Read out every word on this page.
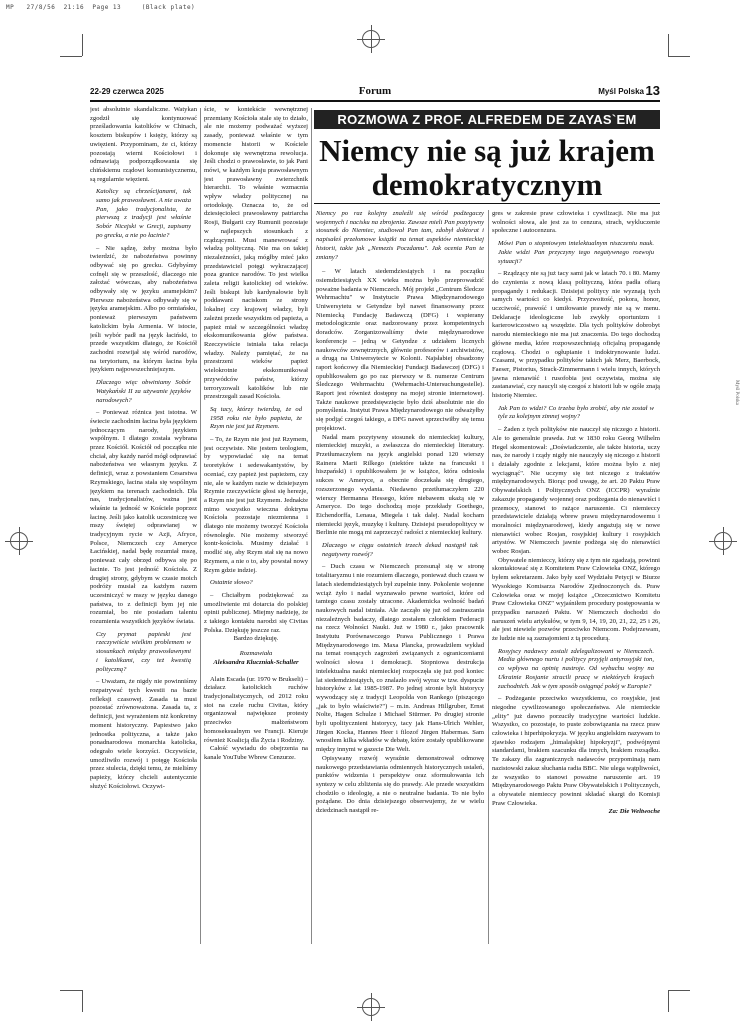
MP   27/8/56  21:16  Page 13     (Black plate)
Myśl Polska
22-29 czerwca 2025	Forum	Myśl Polska 13

jest absolutnie skandaliczne. Watykan zgodził się kontynuować prześladowania katolików w Chinach, kosztem biskupów i księży, którzy są uwięzieni. Przypominam, że ci, którzy pozostają wierni Kościołowi i odmawiają podporządkowania się chińskiemu rządowi komunistycznemu, są regularnie więzieni.

Katolicy są chrześcijanami, tak samo jak prawosławni. A nie uważa Pan, jako tradycjonalista, że pierwszą z tradycji jest właśnie Sobór Nicejski w Grecji, zapisany po grecku, a nie po łacinie?

– Nie sądzę, żeby można było twierdzić, że nabożeństwa powinny odbywać się po grecku. Gdybyśmy cofnęli się w przeszłość, dlaczego nie założać wówczas, aby nabożeństwa odbywały się w języku aramejskim? Pierwsze nabożeństwa odbywały się w języku aramejskim. Albo po ormiańsku, ponieważ pierwszym państwem katolickim była Armenia. W istocie, jeśli wybór padł na język łaciński, to przede wszystkim dlatego, że Kościół zachodni rozwijał się wśród narodów, na terytorium, na którym łacina była językiem najpowszechniejszym.

Dlaczego więc obwiniamy Sobór Watykański II za używanie języków narodowych?

– Ponieważ różnica jest istotna. W świecie zachodnim łacina była językiem jednoczącym narody, językiem wspólnym. I dlatego została wybrana przez Kościół. Kościół od początku nie chciał, aby każdy naród mógł odprawiać nabożeństwa we własnym języku. Z definicji, wraz z powstaniem Cesarstwa Rzymskiego, łacina stała się wspólnym językiem na terenach zachodnich. Dla nas, tradycjonalistów, ważna jest właśnie ta jedność w Kościele poprzez łacinę. Jeśli jako katolik uczestniczę we mszy świętej odprawianej w tradycyjnym rycie w Azji, Afryce, Polsce, Niemczech czy Ameryce Łacińskiej, nadal będę rozumiał mszę, ponieważ cały obrzęd odbywa się po łacinie. To jest jedność Kościoła. Z drugiej strony, gdybym w czasie moich podróży musiał za każdym razem uczestniczyć w mszy w języku danego państwa, to z definicji bym jej nie rozumiał, bo nie posiadam talentu rozumienia wszystkich języków świata.

Czy prymat papieski jest rzeczywiście wielkim problemem w stosunkach między prawosławnymi i katolikami, czy też kwestią polityczną?

– Uważam, że nigdy nie powinniśmy rozpatrywać tych kwestii na bazie refleksji czasowej. Zasada ta musi pozostać zrównoważona. Zasada ta, z definicji, jest wyrażeniem niż konkretny moment historyczny. Papiestwo jako jednostka polityczna, a także jako ponadnarodowa monarchia katolicka, odegrało wiele korzyści. Oczywiście, umożliwiło rozwój i potęgę Kościoła przez stulecia, dzięki temu, że mieliśmy papieży, którzy chcieli autentycznie służyć Kościołowi. Oczywi-

ście, w kontekście wewnętrznej przemiany Kościoła stale się to działo, ale nie możemy podważać wyższej zasady, ponieważ właśnie w tym momencie historii w Kościele dokonuje się wewnętrzna rewolucja. Jeśli chodzi o prawosławie, to jak Pani mówi, w każdym kraju prawosławnym jest prawosławny zwierzchnik hierarchii. To właśnie wzmacnia wpływ władzy politycznej na ortodoksję. Oznacza to, że od dziesięcioleci prawosławny patriarcha Rosji, Bułgarii czy Rumunii pozostaje w najlepszych stosunkach z rządzącymi. Musi manewrować z władzą polityczną. Nie ma on takiej niezależności, jaką mógłby mieć jako przedstawiciel potęgi wykraczającej poza granice narodów. To jest wielka zaleta religii katolickiej od wieków. Jeśli biskupi lub kardynałowie byli poddawani naciskom ze strony lokalnej czy krajowej władzy, byli zależni przede wszystkim od papieża, a papież miał w szczególności władzę ekskomunikowania głów państwa. Rzeczywiście istniała taka relacja władzy. Należy pamiętać, że na przestrzeni wieków papież wielokrotnie ekskomunikował przywódców państw, którzy terroryzowali katolików lub nie przestrzegali zasad Kościoła.

Są tacy, którzy twierdzą, że od 1958 roku nie było papieża, że Rzym nie jest już Rzymem.

– To, że Rzym nie jest już Rzymem, jest oczywiste. Nie jestem teologiem, by wypowiadać się na temat teoretyków i sedewakantystów, by oceniać, czy papież jest papieżem, czy nie, ale w każdym razie w dzisiejszym Rzymie rzeczywiście głosi się herezje, a Rzym nie jest już Rzymem. Jednakże mimo wszystko wieczna doktryna Kościoła pozostaje niezmienna i dlatego nie możemy tworzyć Kościoła równoległe. Nie możemy stworzyć kontr-kościoła. Musimy działać i modlić się, aby Rzym stał się na nowo Rzymem, a nie o to, aby powstał nowy Rzym gdzie indziej.

Ostatnie słowo?

– Chciałbym podziękować za umożliwienie mi dotarcia do polskiej opinii publicznej. Miejmy nadzieję, że z takiego kontaktu narodzi się Civitas Polska. Dziękuję jeszcze raz.

Bardzo dziękuję.

Rozmawiała

Aleksandra Kluczniak-Schaller

Alain Escada (ur. 1970 w Brukseli) – działacz katolickich ruchów tradycjonalistycznych, od 2012 roku stoi na czele ruchu Civitas, który organizował największe protesty przeciwko małżeństwom homoseksualnym we Francji. Kieruje również Koalicją dla Życia i Rodziny.

Całość wywiadu do obejrzenia na kanale YouTube Wbrew Cenzurze.

ROZMOWA Z PROF. ALFREDEM DE ZAYAS`EM
Niemcy nie są już krajem demokratycznym

Niemcy po raz kolejny znaleźli się wśród podżegaczy wojennych i nacisku na zbrojenia. Zawsze mieli Pan pozytywny stosunek do Niemiec, studiował Pan tam, zdobył doktorat i napisałeś przełomowe książki na temat aspektów niemieckiej historii, takie jak „Nemezis Poczdamu". Jak ocenia Pan te zmiany?

– W latach siedemdziesiątych i na początku osiemdziesiątych XX wieku można było przeprowadzić poważne badania w Niemczech. Mój projekt „Centrum Śledcze Wehrmachtu" w Instytucie Prawa Międzynarodowego Uniwersytetu w Getyndze był nawet finansowany przez Niemiecką Fundację Badawczą (DFG) i wspierany metodologicznie oraz nadzorowany przez kompetentnych doradców. Zorganizowaliśmy dwie międzynarodowe konferencje – jedną w Getyndze z udziałem licznych naukowców zewnętrznych, głównie profesorów i archiwistów, a drugą na Uniwersytecie w Kolonii. Najsłabiej obsadzony raport końcowy dla Niemieckiej Fundacji Badawczej (DFG) i opublikowałem go po raz pierwszy w 8. numerze Centrum Śledczego Wehrmachtu (Wehrmacht-Untersuchungsstelle). Raport jest również dostępny na mojej stronie internetowej. Także naukowe przedsięwzięcie było dziś absolutnie nie do pomyślenia. Instytut Prawa Międzynarodowego nie odważyłby się podjąć czegoś takiego, a DFG nawet sprzeciwiłby się temu projektowi.

Nadal mam pozytywny stosunek do niemieckiej kultury, niemieckiej muzyki, a zwłaszcza do niemieckiej literatury. Przetłumaczyłem na język angielski ponad 120 wierszy Rainera Marii Rilkego (niektóre także na francuski i hiszpański) i opublikowałem je w książce, która odniosła sukces w Ameryce, a obecnie doczekała się drugiego, rozszerzonego wydania. Niedawno przetłumaczyłem 220 wierszy Hermanna Hessego, które niebawem ukażą się w Ameryce. Do tego dochodzą moje przekłady Goethego, Eichendorffa, Lenaua, Miegela i tak dalej. Nadal kocham niemiecki język, muzykę i kulturę. Dzisiejsi pseudopolitycy w Berlinie nie mogą mi zaprzeczyć radości z niemieckiej kultury.

Dlaczego w ciągu ostatnich trzech dekad nastąpił tak negatywny rozwój?

– Duch czasu w Niemczech przesunął się w stronę totalitaryzmu i nie rozumiem dlaczego, ponieważ duch czasu w latach siedemdziesiątych był zupełnie inny. Pokolenie wojenne wciąż żyło i nadal wyznawało pewne wartości, które od tamtego czasu zostały utracone. Akademicka wolność badań naukowych nadal istniała. Ale zacząło się już od zastraszania niezależnych badaczy, dlatego zostałem członkiem Federacji na rzecz Wolności Nauki. Już w 1980 r., jako pracownik Instytutu Porównawczego Prawa Publicznego i Prawa Międzynarodowego im. Maxa Plancka, prowadziłem wykład na temat rosnących zagrożeń związanych z ograniczeniami wolności słowa i demokracji. Stopniowa destrukcja intelektualna nauki niemieckiej rozpoczęła się już pod koniec lat siedemdziesiątych, co znalazło swój wyraz w tzw. dyspucie historyków z lat 1985-1987. Po jednej stronie byli historycy wywodzący się z tradycji Leopolda von Rankego (piszącego „jak to było właściwie?") – m.in. Andreas Hillgruber, Ernst Nolte, Hagen Schulze i Michael Stürmer. Po drugiej stronie byli upolitycznieni historycy, tacy jak Hans-Ulrich Wehler, Jürgen Kocka, Hannes Heer i filozof Jürgen Habermas. Sam wnosiłem kilka wkładów w debatę, które zostały opublikowane między innymi w gazecie Die Welt.

Opisywany rozwój wyraźnie demonstrował odmowę naukowego przedstawiania odmiennych historycznych ustaleń, punktów widzenia i perspektyw oraz sformułowania ich syntezy w celu zbliżenia się do prawdy. Ale przede wszystkim chodziło o ideologię, a nie o neutralne badania. To nie było pożądane. Do dnia dzisiejszego obserwujemy, że w wielu dziedzinach nastąpił re-

gres w zakresie praw człowieka i cywilizacji. Nie ma już wolności słowa, ale jest za to cenzura, strach, wykluczenie społeczne i autocenzura.

Mówi Pan o stopniowym intelektualnym niszczeniu nauk. Jakie widzi Pan przyczyny tego negatywnego rozwoju sytuacji?

– Rządzący nie są już tacy sami jak w latach 70. i 80. Mamy do czynienia z nową klasą polityczną, która padła ofiarą propagandy i redukacji. Dzisiejsi politycy nie wyznają tych samych wartości co kiedyś. Przyzwoitość, pokora, honor, uczciwość, prawość i umiłowanie prawdy nie są w menu. Deklaracje ideologiczne lub zwykły oportunizm i karierowiczostwo są wszędzie. Dla tych polityków dobrobyt narodu niemieckiego nie ma już znaczenia. Do tego dochodzą główne media, które rozpowszechniają oficjalną propagandę rządową. Chodzi o ogłupianie i indoktrynowanie ludzi. Czasami, w przypadku polityków takich jak Merz, Baerbock, Faeser, Pistorius, Strack-Zimmermann i wielu innych, których jawna nienawiść i rusofobia jest oczywista, można się zastanawiać, czy naucyli się czegoś z historii lub w ogóle znają historię Niemiec.

Jak Pan to widzi? Co trzeba było zrobić, aby nie został w tyle za kolejnym zimnej wojny?

– Żaden z tych polityków nie nauczył się niczego z historii. Ale to generalnie prawda. Już w 1830 roku Georg Wilhelm Hegel skomentował: „Doświadczenie, ale także historia, uczy nas, że narody i rządy nigdy nie nauczyły się niczego z historii i działały zgodnie z lekcjami, które można było z niej wyciągnąć". Nie uczymy się też niczego z traktatów międzynarodowych. Biorąc pod uwagę, że art. 20 Paktu Praw Obywatelskich i Politycznych ONZ (ICCPR) wyraźnie zakazuje propagandy wojennej oraz podżegania do nienawiści i przemocy, stanowi to rażące naruszenie. Ci niemieccy przedstawiciele działają wbrew prawu międzynarodowemu i moralności międzynarodowej, kiedy angażują się w nowe nienawiści wobec Rosjan, rosyjskiej kultury i rosyjskich artystów. W Niemczech jawnie podżega się do nienawiści wobec Rosjan.

Obywatele niemieccy, którzy się z tym nie zgadzają, powinni skontaktować się z Komitetem Praw Człowieka ONZ, którego byłem sekretarzem. Jako były szef Wydziału Petycji w Biurze Wysokiego Komisarza Narodów Zjednoczonych ds. Praw Człowieka oraz w mojej książce „Orzecznictwo Komitetu Praw Człowieka ONZ" wyjaśniłem procedury postępowania w przypadku naruszeń Paktu. W Niemczech dochodzi do naruszeń wielu artykułów, w tym 9, 14, 19, 20, 21, 22, 25 i 26, ale jest niewiele pozwów przeciwko Niemcom. Podejrzewam, że ludzie nie są zaznajomieni z tą procedurą.

Rosyjscy nadawcy zostali zdelegalizowani w Niemczech. Media głównego nurtu i politycy przyjęli antyrosyjski ton, co wpływa na opinię nastroje. Od wybuchu wojny na Ukrainie Rosjanie stracili pracę w niektórych krajach zachodnich. Jak w tym sposób osiągnąć pokój w Europie?

– Podżeganie przeciwko wszystkiemu, co rosyjskie, jest niegodne cywilizowanego społeczeństwa. Ale niemieckie „elity" już dawno porzuciły tradycyjne wartości ludzkie. Wszystko, co pozostaje, to puste zobowiązania na rzecz praw człowieka i hiperhipokryzja. W języku angielskim nazywam to zjawisko rodzajem „himalajskiej hipokryzji", podwójnymi standardami, brakiem szacunku dla innych, brakiem rozsądku. Te zakazy dla zagranicznych nadawców przypominają nam nazistowski zakaz słuchania radia BBC. Nie ulega wątpliwości, że wszystko to stanowi poważne naruszenie art. 19 Międzynarodowego Paktu Praw Obywatelskich i Politycznych, a obywatele niemieccy powinni składać skargi do Komisji Praw Człowieka.

Za: Die Weltwoche
